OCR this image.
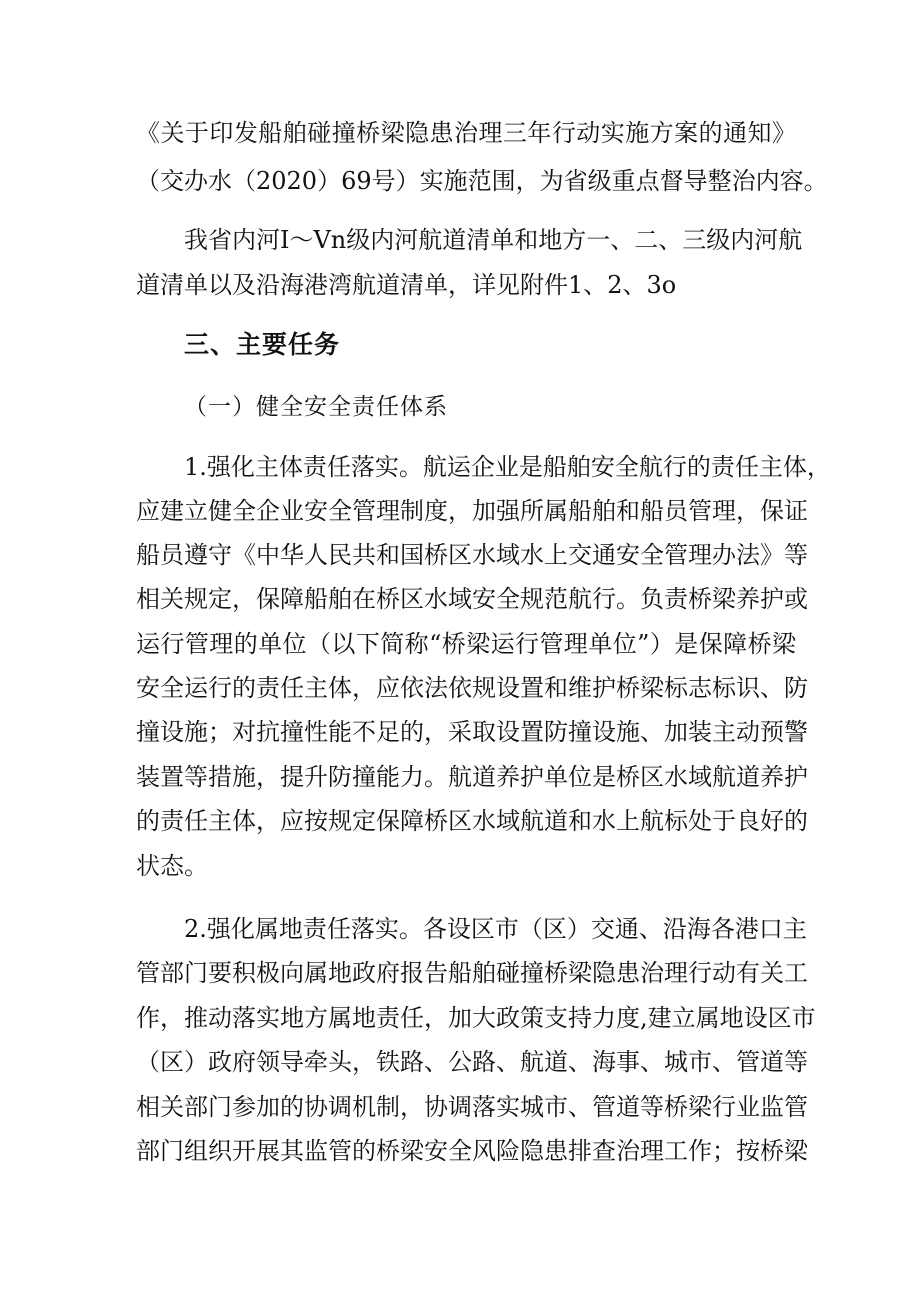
《关于印发船舶碰撞桥梁隐患治理三年行动实施方案的通知》
（交办水（2020）69号）实施范围，为省级重点督导整治内容。
我省内河Ⅰ～Vn级内河航道清单和地方一、二、三级内河航
道清单以及沿海港湾航道清单，详见附件1、2、3o
三、主要任务
（一）健全安全责任体系
1.强化主体责任落实。航运企业是船舶安全航行的责任主体，
应建立健全企业安全管理制度，加强所属船舶和船员管理，保证
船员遵守《中华人民共和国桥区水域水上交通安全管理办法》等
相关规定，保障船舶在桥区水域安全规范航行。负责桥梁养护或
运行管理的单位（以下简称“桥梁运行管理单位”）是保障桥梁
安全运行的责任主体，应依法依规设置和维护桥梁标志标识、防
撞设施；对抗撞性能不足的，采取设置防撞设施、加装主动预警
装置等措施，提升防撞能力。航道养护单位是桥区水域航道养护
的责任主体，应按规定保障桥区水域航道和水上航标处于良好的
状态。
2.强化属地责任落实。各设区市（区）交通、沿海各港口主
管部门要积极向属地政府报告船舶碰撞桥梁隐患治理行动有关工
作，推动落实地方属地责任，加大政策支持力度,建立属地设区市
（区）政府领导牵头，铁路、公路、航道、海事、城市、管道等
相关部门参加的协调机制，协调落实城市、管道等桥梁行业监管
部门组织开展其监管的桥梁安全风险隐患排查治理工作；按桥梁
